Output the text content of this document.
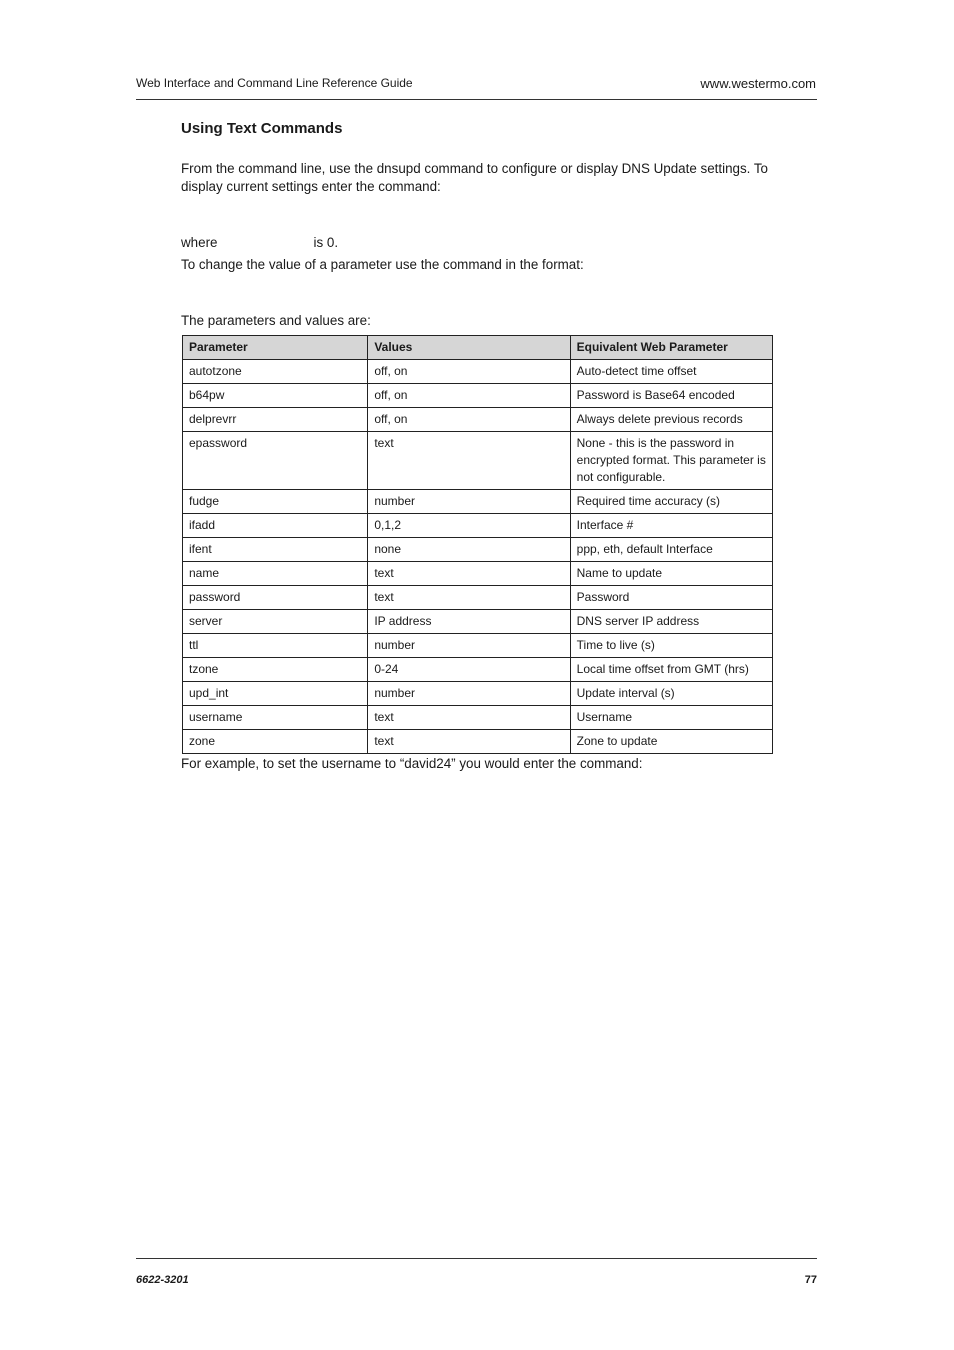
Web Interface and Command Line Reference Guide	www.westermo.com
Using Text Commands

From the command line, use the dnsupd command to configure or display DNS Update settings. To display current settings enter the command:

where	is 0.

To change the value of a parameter use the command in the format:

The parameters and values are:

Parameter	Values	Equivalent Web Parameter
autotzone	off, on	Auto-detect time offset
b64pw	off, on	Password is Base64 encoded
delprevrr	off, on	Always delete previous records
epassword	text	None - this is the password in encrypted format. This parameter is not configurable.
fudge	number	Required time accuracy (s)
ifadd	0,1,2	Interface #
ifent	none	ppp, eth, default Interface
name	text	Name to update
password	text	Password
server	IP address	DNS server IP address
ttl	number	Time to live (s)
tzone	0-24	Local time offset from GMT (hrs)
upd_int	number	Update interval (s)
username	text	Username
zone	text	Zone to update

For example, to set the username to “david24” you would enter the command:

6622-3201	77
